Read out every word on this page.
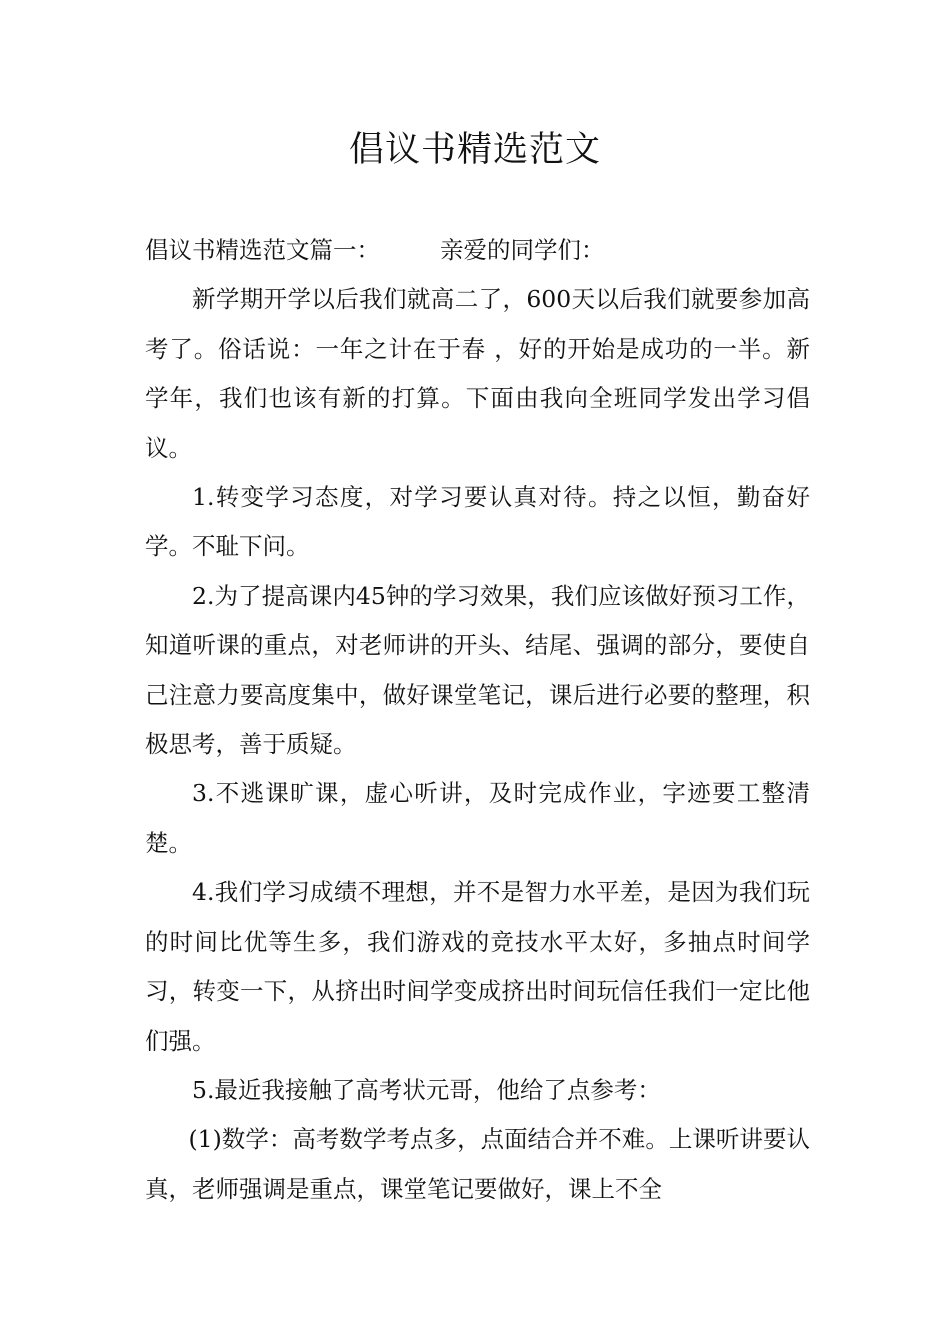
倡议书精选范文

倡议书精选范文篇一：	亲爱的同学们：

新学期开学以后我们就高二了，600天以后我们就要参加高考了。俗话说：一年之计在于春 ，好的开始是成功的一半。新学年，我们也该有新的打算。下面由我向全班同学发出学习倡议。

1.转变学习态度，对学习要认真对待。持之以恒，勤奋好学。不耻下问。

2.为了提高课内45钟的学习效果，我们应该做好预习工作，知道听课的重点，对老师讲的开头、结尾、强调的部分，要使自己注意力要高度集中，做好课堂笔记，课后进行必要的整理，积极思考，善于质疑。

3.不逃课旷课，虚心听讲，及时完成作业，字迹要工整清楚。

4.我们学习成绩不理想，并不是智力水平差，是因为我们玩的时间比优等生多，我们游戏的竞技水平太好，多抽点时间学习，转变一下，从挤出时间学变成挤出时间玩信任我们一定比他们强。

5.最近我接触了高考状元哥，他给了点参考：

(1)数学：高考数学考点多，点面结合并不难。上课听讲要认真，老师强调是重点，课堂笔记要做好，课上不全
